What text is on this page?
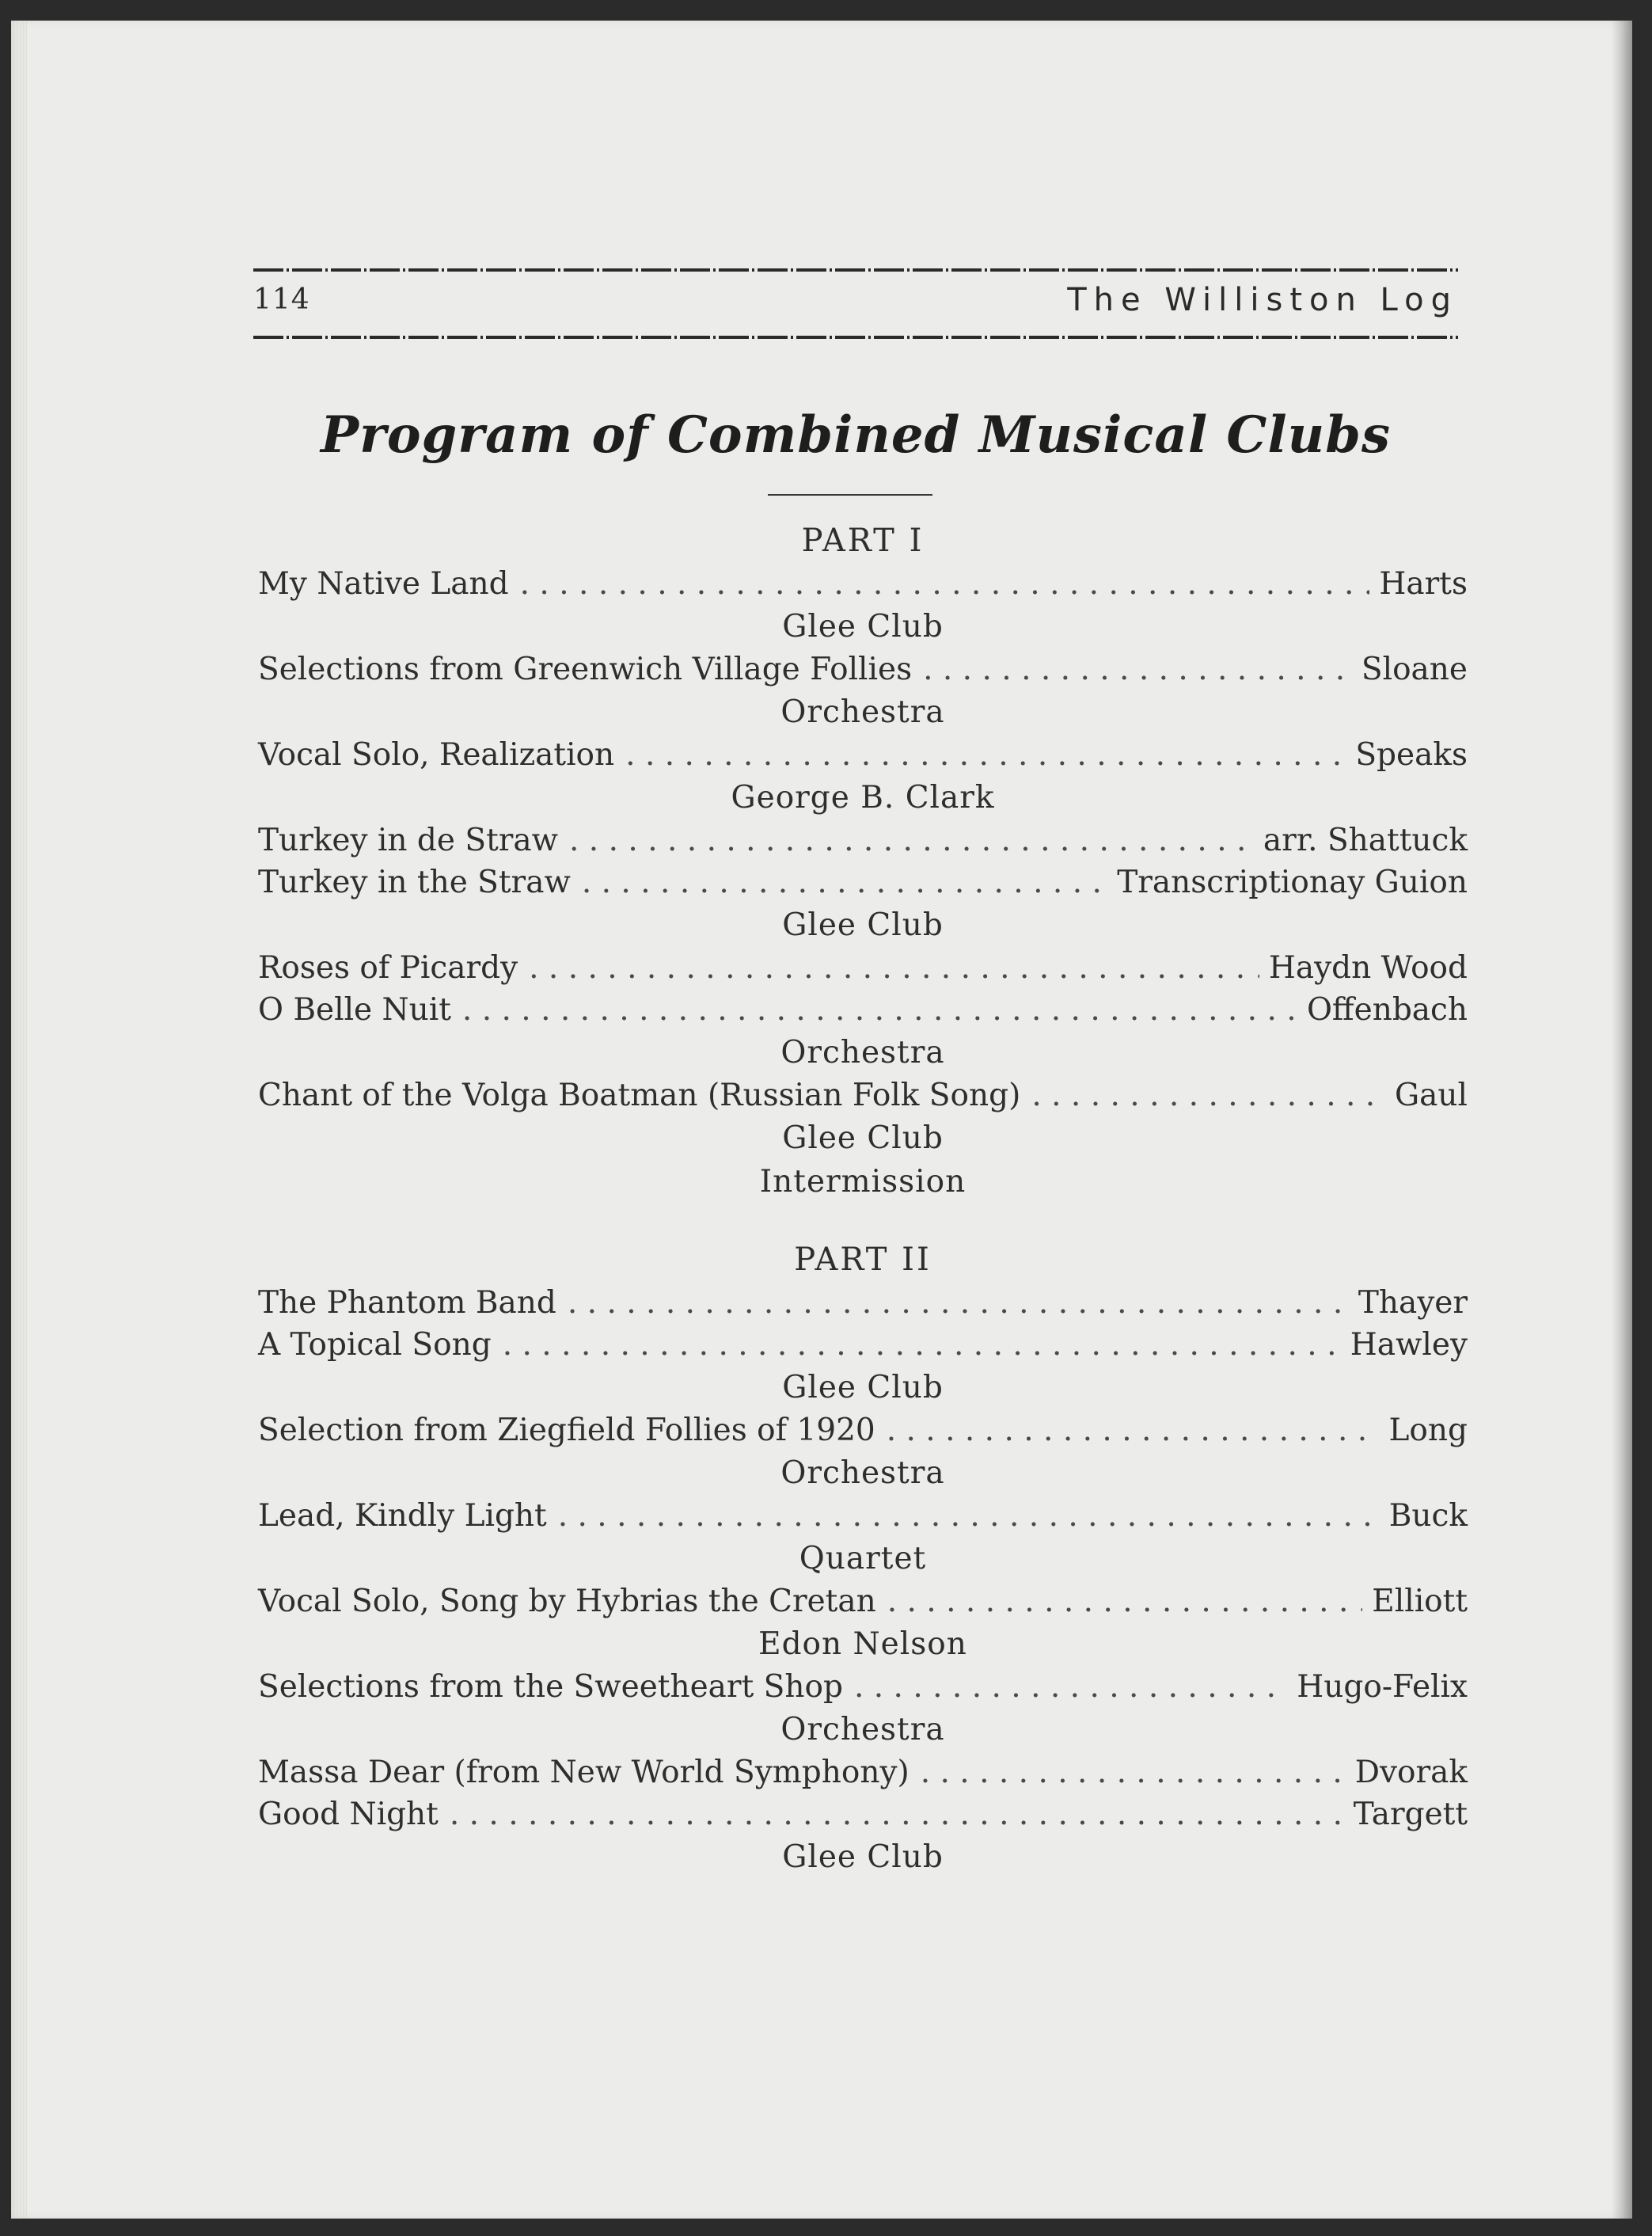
114	The Williston Log
Program of Combined Musical Clubs
PART I
My Native Land . . .	Harts
Glee Club
Selections from Greenwich Village Follies . . .	Sloane
Orchestra
Vocal Solo, Realization . . .	Speaks
George B. Clark
Turkey in de Straw . . .	arr. Shattuck
Turkey in the Straw . . .	Transcriptionay Guion
Glee Club
Roses of Picardy . . .	Haydn Wood
O Belle Nuit . . .	Offenbach
Orchestra
Chant of the Volga Boatman (Russian Folk Song) . . .	Gaul
Glee Club
Intermission
PART II
The Phantom Band . . .	Thayer
A Topical Song . . .	Hawley
Glee Club
Selection from Ziegfield Follies of 1920 . . .	Long
Orchestra
Lead, Kindly Light . . .	Buck
Quartet
Vocal Solo, Song by Hybrias the Cretan . . .	Elliott
Edon Nelson
Selections from the Sweetheart Shop . . .	Hugo-Felix
Orchestra
Massa Dear (from New World Symphony) . . .	Dvorak
Good Night . . .	Targett
Glee Club
